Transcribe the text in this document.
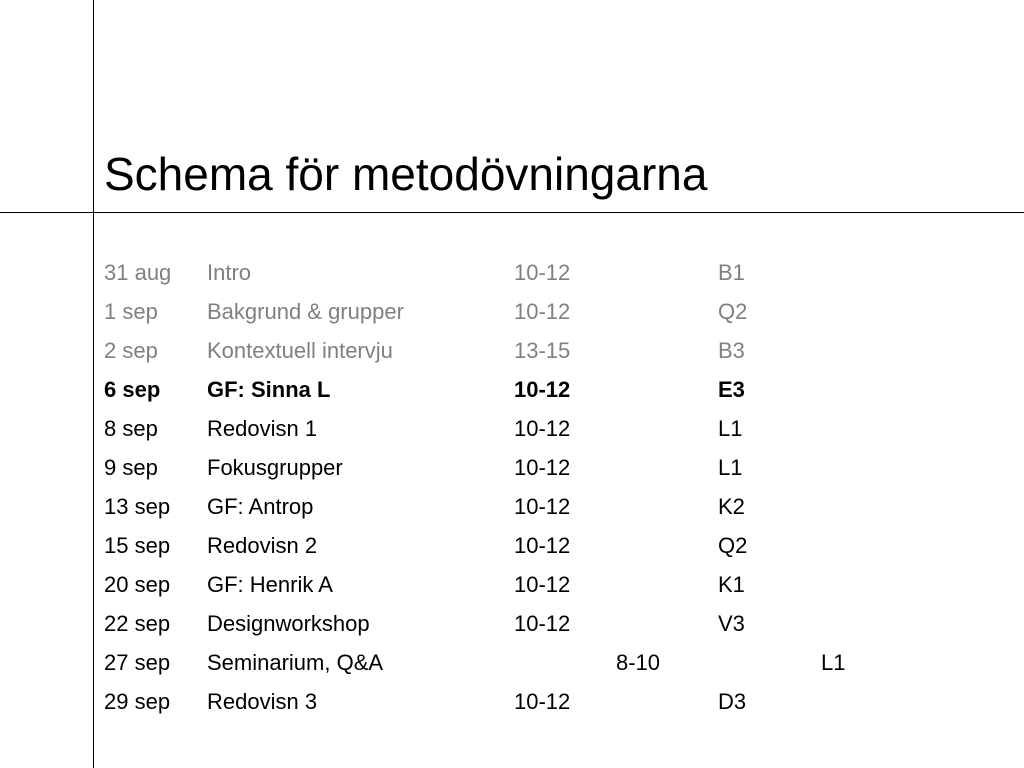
Schema för metodövningarna
31 aug Intro	10-12	B1
1 sep Bakgrund & grupper	10-12	Q2
2 sep Kontextuell intervju	13-15	B3
6 sep GF: Sinna L	10-12	E3
8 sep Redovisn 1	10-12	L1
9 sep Fokusgrupper	10-12	L1
13 sep GF: Antrop	10-12	K2
15 sep Redovisn 2	10-12	Q2
20 sep GF: Henrik A	10-12	K1
22 sep Designworkshop	10-12	V3
27 sep Seminarium, Q&A	8-10	L1
29 sep Redovisn 3	10-12	D3
